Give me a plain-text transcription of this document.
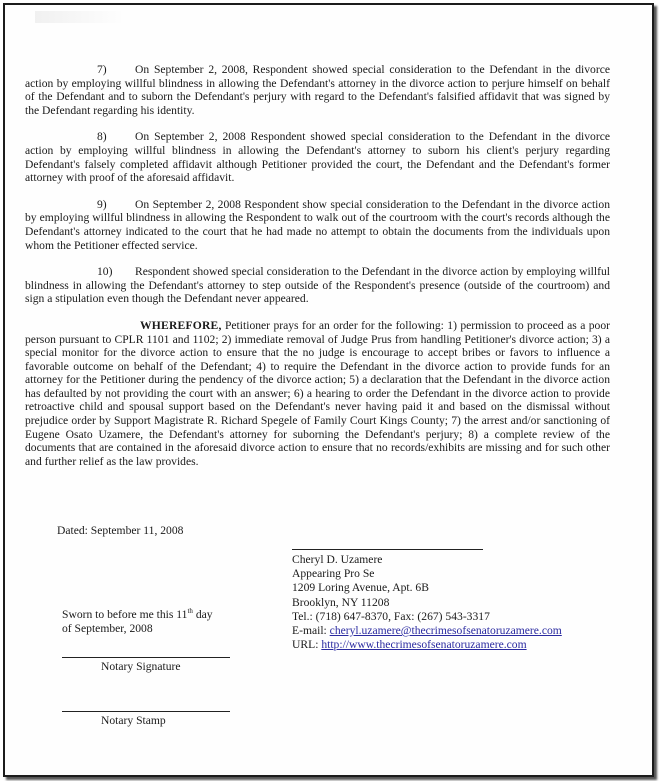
7) On September 2, 2008, Respondent showed special consideration to the Defendant in the divorce action by employing willful blindness in allowing the Defendant's attorney in the divorce action to perjure himself on behalf of the Defendant and to suborn the Defendant's perjury with regard to the Defendant's falsified affidavit that was signed by the Defendant regarding his identity.

8) On September 2, 2008 Respondent showed special consideration to the Defendant in the divorce action by employing willful blindness in allowing the Defendant's attorney to suborn his client's perjury regarding Defendant's falsely completed affidavit although Petitioner provided the court, the Defendant and the Defendant's former attorney with proof of the aforesaid affidavit.

9) On September 2, 2008 Respondent show special consideration to the Defendant in the divorce action by employing willful blindness in allowing the Respondent to walk out of the courtroom with the court's records although the Defendant's attorney indicated to the court that he had made no attempt to obtain the documents from the individuals upon whom the Petitioner effected service.

10) Respondent showed special consideration to the Defendant in the divorce action by employing willful blindness in allowing the Defendant's attorney to step outside of the Respondent's presence (outside of the courtroom) and sign a stipulation even though the Defendant never appeared.

WHEREFORE, Petitioner prays for an order for the following: 1) permission to proceed as a poor person pursuant to CPLR 1101 and 1102; 2) immediate removal of Judge Prus from handling Petitioner's divorce action; 3) a special monitor for the divorce action to ensure that the no judge is encourage to accept bribes or favors to influence a favorable outcome on behalf of the Defendant; 4) to require the Defendant in the divorce action to provide funds for an attorney for the Petitioner during the pendency of the divorce action; 5) a declaration that the Defendant in the divorce action has defaulted by not providing the court with an answer; 6) a hearing to order the Defendant in the divorce action to provide retroactive child and spousal support based on the Defendant's never having paid it and based on the dismissal without prejudice order by Support Magistrate R. Richard Spegele of Family Court Kings County; 7) the arrest and/or sanctioning of Eugene Osato Uzamere, the Defendant's attorney for suborning the Defendant's perjury; 8) a complete review of the documents that are contained in the aforesaid divorce action to ensure that no records/exhibits are missing and for such other and further relief as the law provides.

Dated: September 11, 2008
Cheryl D. Uzamere
Appearing Pro Se
1209 Loring Avenue, Apt. 6B
Brooklyn, NY 11208
Tel.: (718) 647-8370, Fax: (267) 543-3317
E-mail: cheryl.uzamere@thecrimesofsenatoruzamere.com
URL: http://www.thecrimesofsenatoruzamere.com
Sworn to before me this 11th day
of September, 2008
Notary Signature
Notary Stamp
